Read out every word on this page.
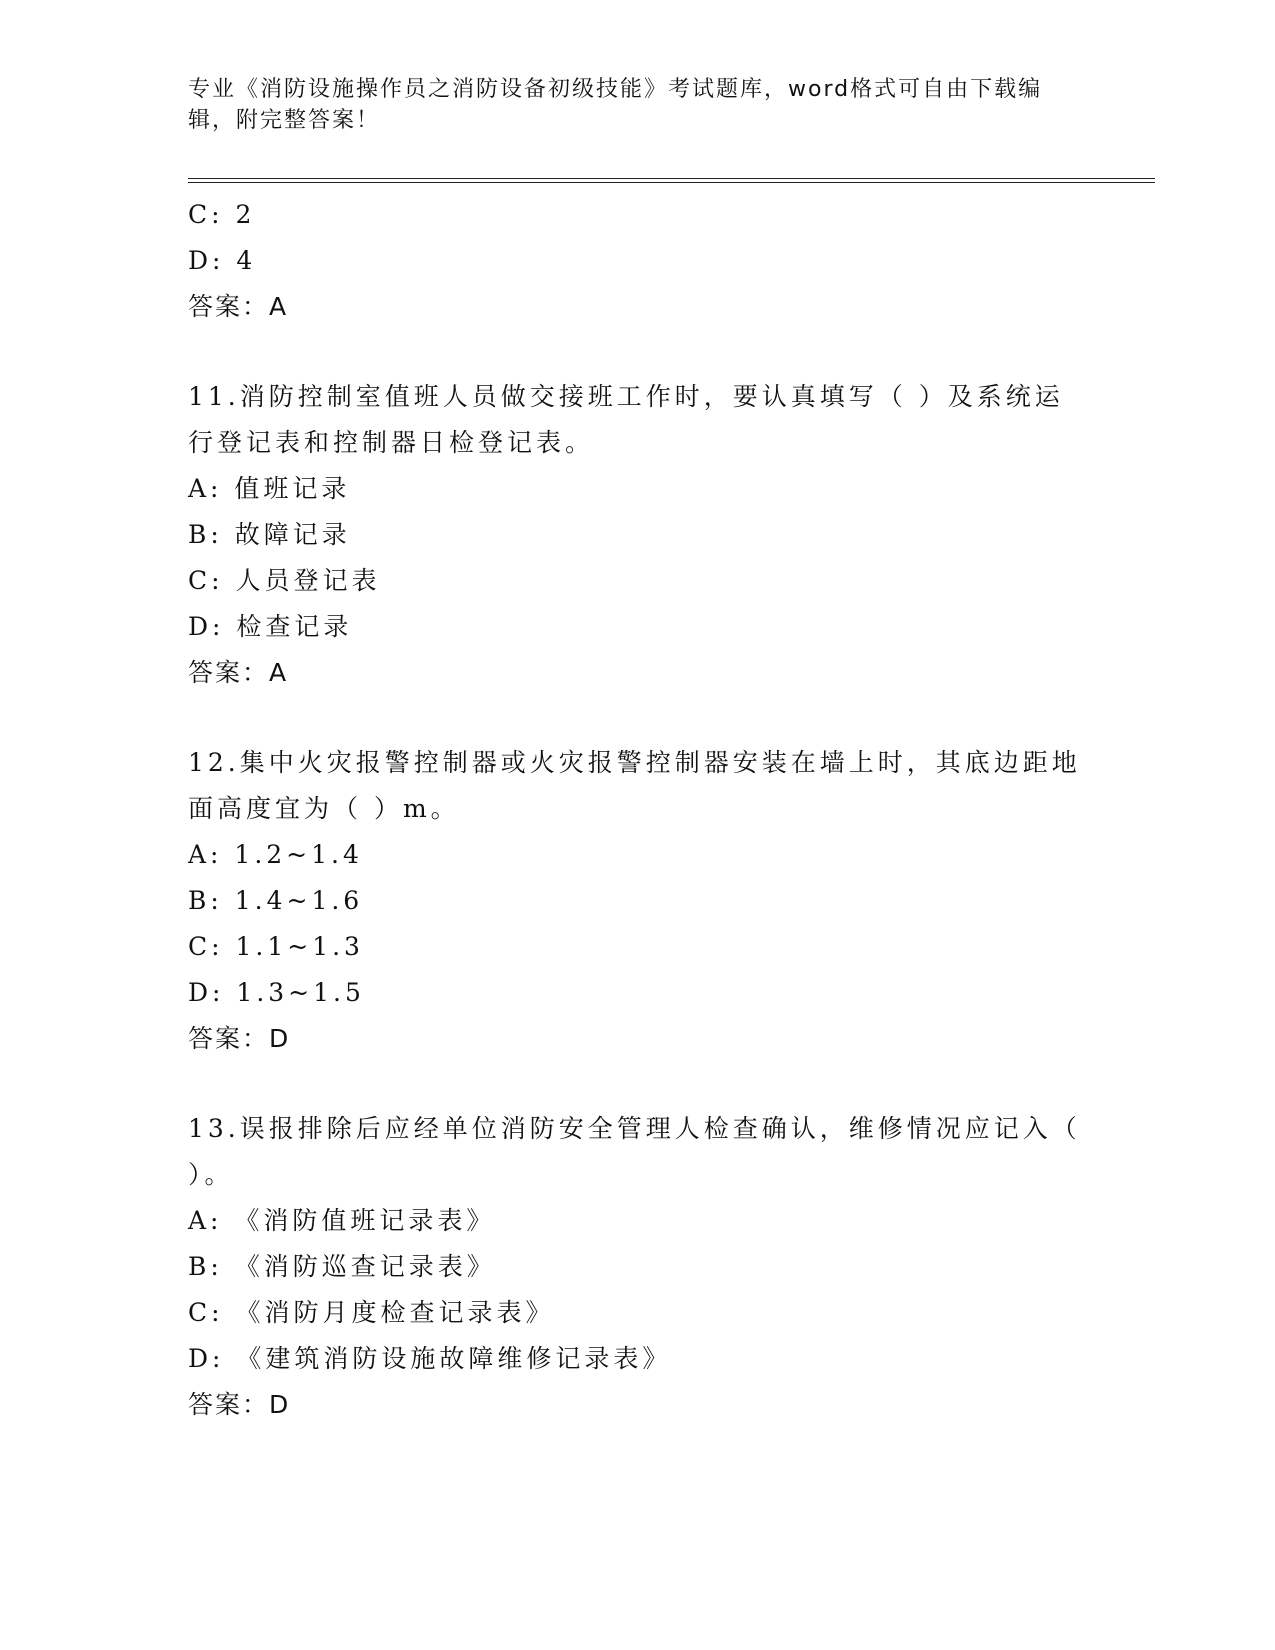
专业《消防设施操作员之消防设备初级技能》考试题库，word格式可自由下载编
辑，附完整答案！
C: 2
D: 4
答案：A
11.消防控制室值班人员做交接班工作时，要认真填写（ ）及系统运
行登记表和控制器日检登记表。
A: 值班记录
B: 故障记录
C: 人员登记表
D: 检查记录
答案：A
12.集中火灾报警控制器或火灾报警控制器安装在墙上时，其底边距地
面高度宜为（ ）m。
A: 1.2~1.4
B: 1.4~1.6
C: 1.1~1.3
D: 1.3~1.5
答案：D
13.误报排除后应经单位消防安全管理人检查确认，维修情况应记入（
）。
A: 《消防值班记录表》
B: 《消防巡查记录表》
C: 《消防月度检查记录表》
D: 《建筑消防设施故障维修记录表》
答案：D
